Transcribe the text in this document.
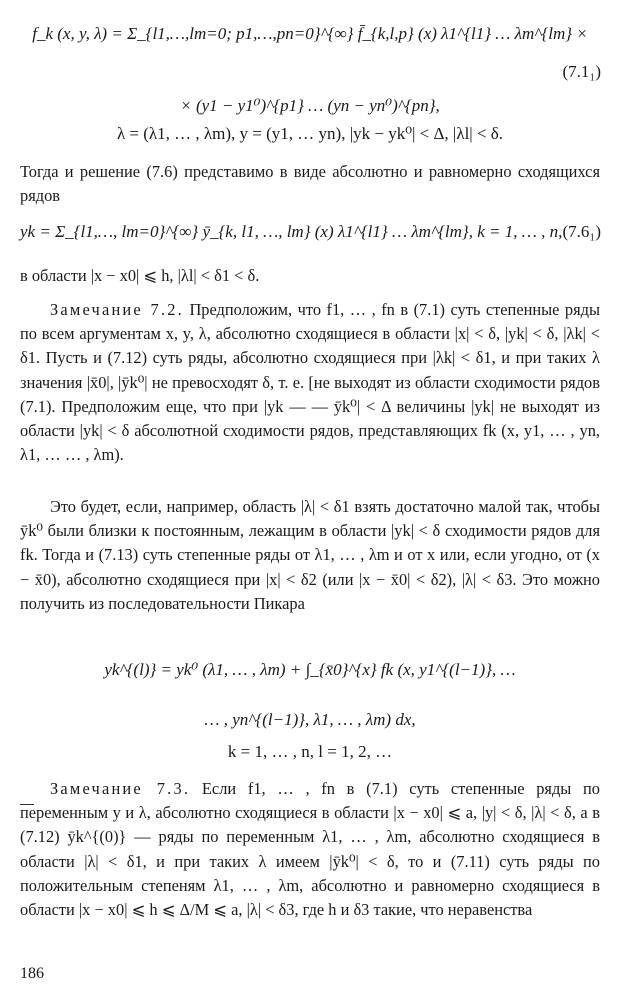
f_k (x, y, λ) = Σ_{l1,…,lm=0; p1,…,pn=0}^{∞} f̄_{k,l,p} (x) λ1^{l1} … λm^{lm} ×
(7.1₁)
× (y1 − y1⁰)^{p1} … (yn − yn⁰)^{pn},
λ = (λ1, … , λm), y = (y1, … yn), |yk − yk⁰| < Δ, |λl| < δ.

Тогда и решение (7.6) представимо в виде абсолютно и равномерно сходящихся рядов

yk = Σ_{l1,…, lm=0}^{∞} ȳ_{k, l1, …, lm} (x) λ1^{l1} … λm^{lm}, k = 1, … , n, (7.6₁)

в области |x − x0| ⩽ h, |λl| < δ1 < δ.

Замечание 7.2. Предположим, что f1, … , fn в (7.1) суть степенные ряды по всем аргументам x, y, λ, абсолютно сходящиеся в области |x| < δ, |yk| < δ, |λk| < δ1. Пусть и (7.12) суть ряды, абсолютно сходящиеся при |λk| < δ1, и при таких λ значения |x̄0|, |ȳk⁰| не превосходят δ, т. е. [не выходят из области сходимости рядов (7.1). Предположим еще, что при |yk — — ȳk⁰| < Δ величины |yk| не выходят из области |yk| < δ абсолютной сходимости рядов, представляющих fk (x, y1, … , yn, λ1, … … , λm).

Это будет, если, например, область |λ| < δ1 взять достаточно малой так, чтобы ȳk⁰ были близки к постоянным, лежащим в области |yk| < δ сходимости рядов для fk. Тогда и (7.13) суть степенные ряды от λ1, … , λm и от x или, если угодно, от (x − x̄0), абсолютно сходящиеся при |x| < δ2 (или |x − x̄0| < δ2), |λ| < δ3. Это можно получить из последовательности Пикара

yk^{(l)} = yk⁰ (λ1, … , λm) + ∫_{x̄0}^{x} fk (x, y1^{(l−1)}, …
… , yn^{(l−1)}, λ1, … , λm) dx,
k = 1, … , n, l = 1, 2, …

Замечание 7.3. Если f1, … , fn в (7.1) суть степенные ряды по переменным y и λ, абсолютно сходящиеся в области |x − x0| ⩽ a, |y| < δ, |λ| < δ, а в (7.12) ȳk^{(0)} — ряды по переменным λ1, … , λm, абсолютно сходящиеся в области |λ| < δ1, и при таких λ имеем |ȳk⁰| < δ, то и (7.11) суть ряды по положительным степеням λ1, … , λm, абсолютно и равномерно сходящиеся в области |x − x0| ⩽ h ⩽ Δ/M ⩽ a, |λ| < δ3, где h и δ3 такие, что неравенства

186
